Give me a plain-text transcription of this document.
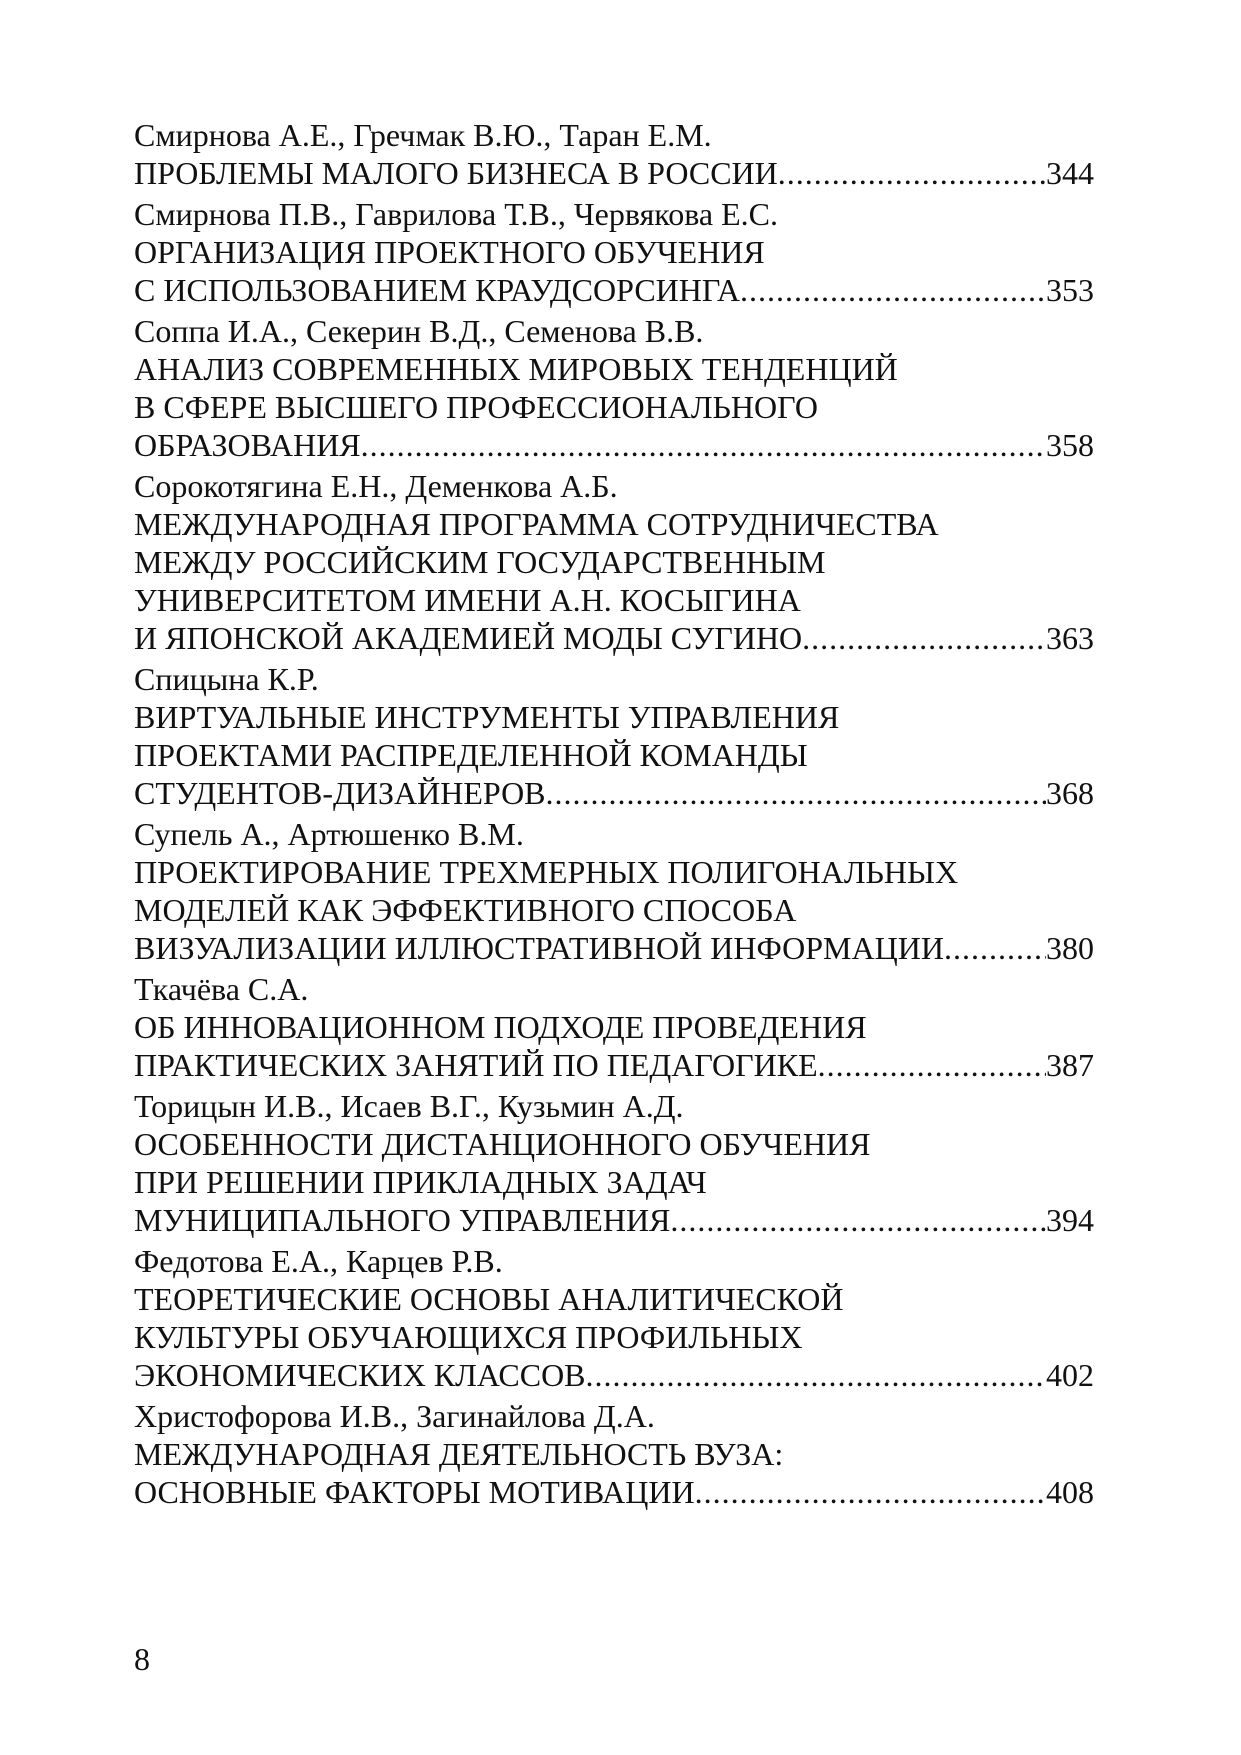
Смирнова А.Е., Гречмак В.Ю., Таран Е.М.
ПРОБЛЕМЫ МАЛОГО БИЗНЕСА В РОССИИ .....	344
Смирнова П.В., Гаврилова Т.В., Червякова Е.С.
ОРГАНИЗАЦИЯ ПРОЕКТНОГО ОБУЧЕНИЯ
С ИСПОЛЬЗОВАНИЕМ КРАУДСОРСИНГА .....	353
Соппа И.А., Секерин В.Д., Семенова В.В.
АНАЛИЗ СОВРЕМЕННЫХ МИРОВЫХ ТЕНДЕНЦИЙ
В СФЕРЕ ВЫСШЕГО ПРОФЕССИОНАЛЬНОГО
ОБРАЗОВАНИЯ .....	358
Сорокотягина Е.Н., Деменкова А.Б.
МЕЖДУНАРОДНАЯ ПРОГРАММА СОТРУДНИЧЕСТВА
МЕЖДУ РОССИЙСКИМ ГОСУДАРСТВЕННЫМ
УНИВЕРСИТЕТОМ ИМЕНИ А.Н. КОСЫГИНА
И ЯПОНСКОЙ АКАДЕМИЕЙ МОДЫ СУГИНО .....	363
Спицына К.Р.
ВИРТУАЛЬНЫЕ ИНСТРУМЕНТЫ УПРАВЛЕНИЯ
ПРОЕКТАМИ РАСПРЕДЕЛЕННОЙ КОМАНДЫ
СТУДЕНТОВ-ДИЗАЙНЕРОВ .....	368
Супель А., Артюшенко В.М.
ПРОЕКТИРОВАНИЕ ТРЕХМЕРНЫХ ПОЛИГОНАЛЬНЫХ
МОДЕЛЕЙ КАК ЭФФЕКТИВНОГО СПОСОБА
ВИЗУАЛИЗАЦИИ ИЛЛЮСТРАТИВНОЙ ИНФОРМАЦИИ .....	380
Ткачёва С.А.
ОБ ИННОВАЦИОННОМ ПОДХОДЕ ПРОВЕДЕНИЯ
ПРАКТИЧЕСКИХ ЗАНЯТИЙ ПО ПЕДАГОГИКЕ .....	387
Торицын И.В., Исаев В.Г., Кузьмин А.Д.
ОСОБЕННОСТИ ДИСТАНЦИОННОГО ОБУЧЕНИЯ
ПРИ РЕШЕНИИ ПРИКЛАДНЫХ ЗАДАЧ
МУНИЦИПАЛЬНОГО УПРАВЛЕНИЯ .....	394
Федотова Е.А., Карцев Р.В.
ТЕОРЕТИЧЕСКИЕ ОСНОВЫ АНАЛИТИЧЕСКОЙ
КУЛЬТУРЫ ОБУЧАЮЩИХСЯ ПРОФИЛЬНЫХ
ЭКОНОМИЧЕСКИХ КЛАССОВ .....	402
Христофорова И.В., Загинайлова Д.А.
МЕЖДУНАРОДНАЯ ДЕЯТЕЛЬНОСТЬ ВУЗА:
ОСНОВНЫЕ ФАКТОРЫ МОТИВАЦИИ .....	408
8
